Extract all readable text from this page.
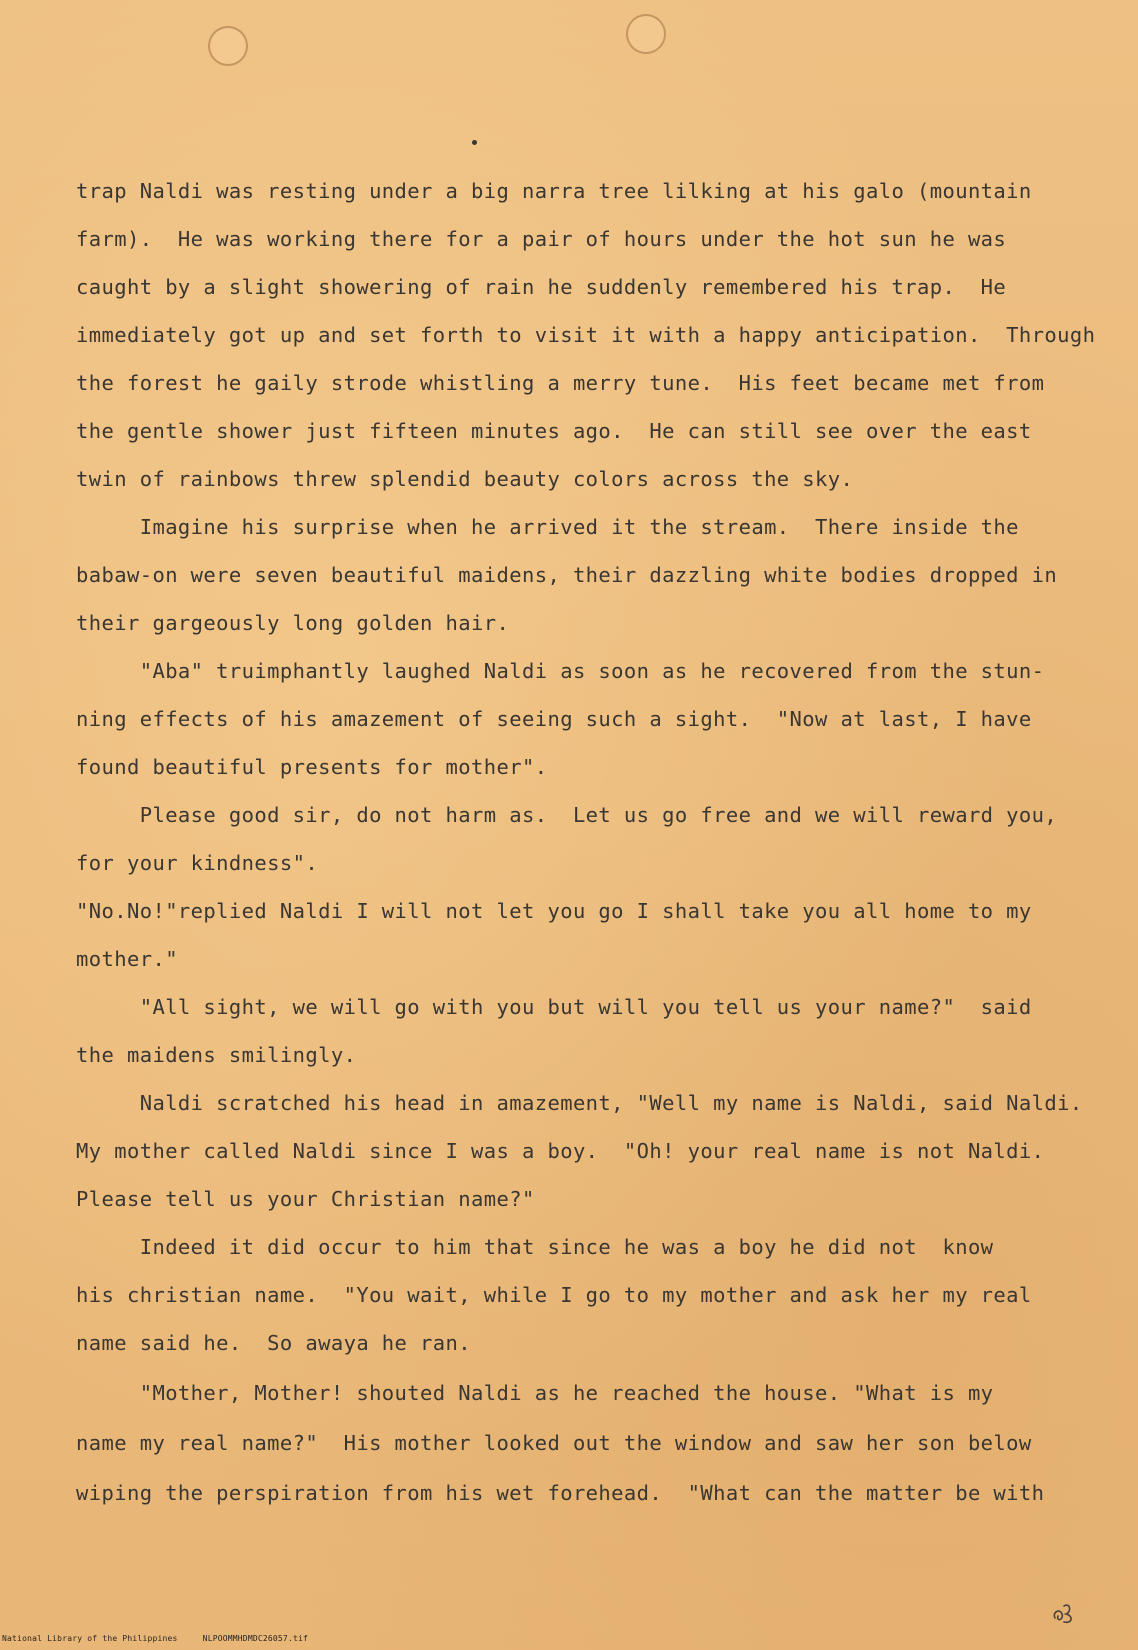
trap Naldi was resting under a big narra tree lilking at his galo (mountain
farm).  He was working there for a pair of hours under the hot sun he was
caught by a slight showering of rain he suddenly remembered his trap.  He
immediately got up and set forth to visit it with a happy anticipation.  Through
the forest he gaily strode whistling a merry tune.  His feet became met from
the gentle shower just fifteen minutes ago.  He can still see over the east
twin of rainbows threw splendid beauty colors across the sky.
Imagine his surprise when he arrived it the stream.  There inside the
babaw-on were seven beautiful maidens, their dazzling white bodies dropped in
their gargeously long golden hair.
"Aba" truimphantly laughed Naldi as soon as he recovered from the stun-
ning effects of his amazement of seeing such a sight.  "Now at last, I have
found beautiful presents for mother".
Please good sir, do not harm as.  Let us go free and we will reward you,
for your kindness".
"No.No!"replied Naldi I will not let you go I shall take you all home to my
mother."
"All sight, we will go with you but will you tell us your name?"  said
the maidens smilingly.
Naldi scratched his head in amazement, "Well my name is Naldi, said Naldi.
My mother called Naldi since I was a boy.  "Oh! your real name is not Naldi.
Please tell us your Christian name?"
Indeed it did occur to him that since he was a boy he did not  know
his christian name.  "You wait, while I go to my mother and ask her my real
name said he.  So awaya he ran.
"Mother, Mother! shouted Naldi as he reached the house. "What is my
name my real name?"  His mother looked out the window and saw her son below
wiping the perspiration from his wet forehead.  "What can the matter be with
National Library of the Philippines	NLPOOMMHDMDC26057.tif
